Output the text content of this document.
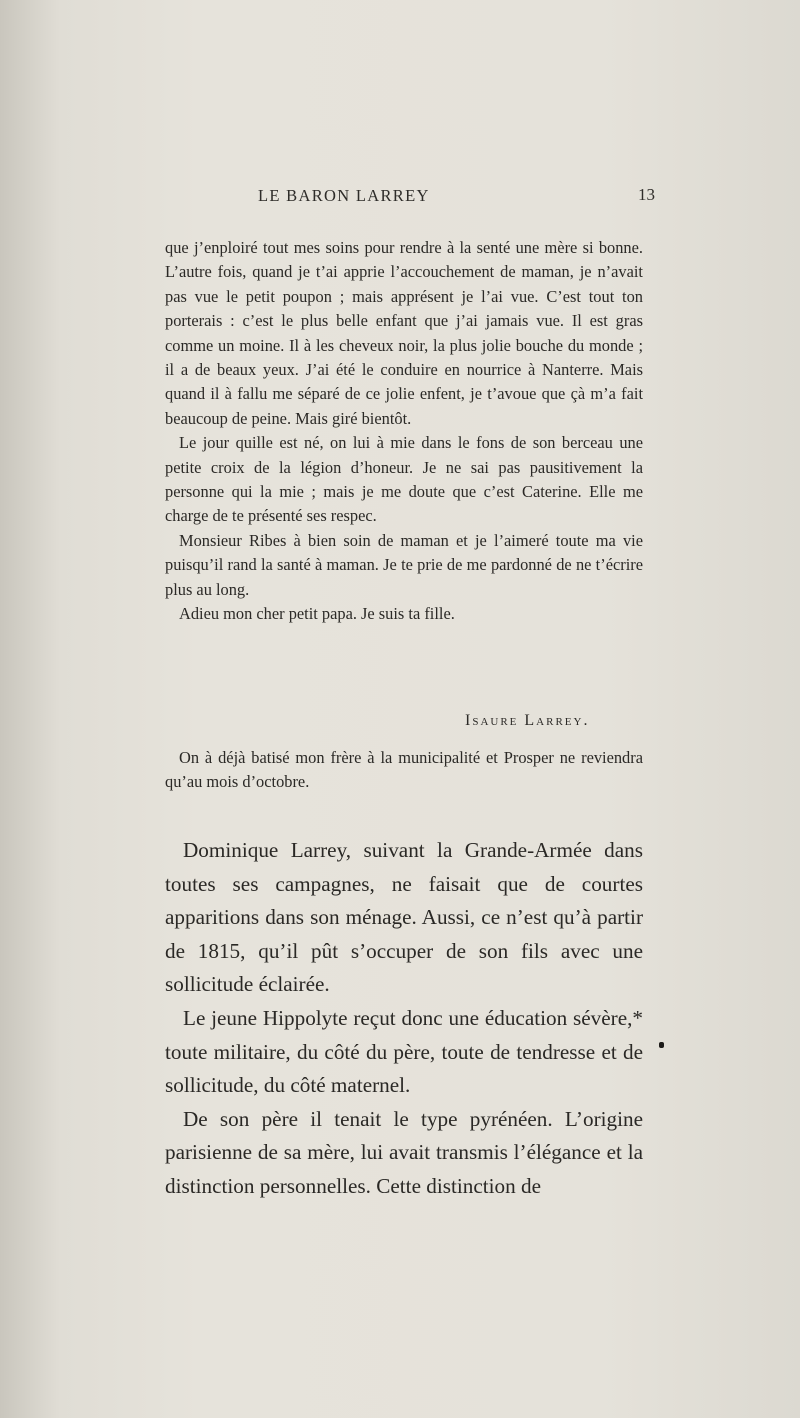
LE BARON LARREY	13

que j’enploiré tout mes soins pour rendre à la senté une mère si bonne. L’autre fois, quand je t’ai apprie l’accouchement de maman, je n’avait pas vue le petit poupon ; mais apprésent je l’ai vue. C’est tout ton porterais : c’est le plus belle enfant que j’ai jamais vue. Il est gras comme un moine. Il à les cheveux noir, la plus jolie bouche du monde ; il a de beaux yeux. J’ai été le conduire en nourrice à Nanterre. Mais quand il à fallu me séparé de ce jolie enfent, je t’avoue que çà m’a fait beaucoup de peine. Mais giré bientôt.

Le jour quille est né, on lui à mie dans le fons de son berceau une petite croix de la légion d’honeur. Je ne sai pas pausitivement la personne qui la mie ; mais je me doute que c’est Caterine. Elle me charge de te présenté ses respec.

Monsieur Ribes à bien soin de maman et je l’aimeré toute ma vie puisqu’il rand la santé à maman. Je te prie de me pardonné de ne t’écrire plus au long.

Adieu mon cher petit papa. Je suis ta fille.

Isaure Larrey.

On à déjà batisé mon frère à la municipalité et Prosper ne reviendra qu’au mois d’octobre.

Dominique Larrey, suivant la Grande-Armée dans toutes ses campagnes, ne faisait que de courtes apparitions dans son ménage. Aussi, ce n’est qu’à partir de 1815, qu’il pût s’occuper de son fils avec une sollicitude éclairée.

Le jeune Hippolyte reçut donc une éducation sévère,* toute militaire, du côté du père, toute de tendresse et de sollicitude, du côté maternel.

De son père il tenait le type pyrénéen. L’origine parisienne de sa mère, lui avait transmis l’élégance et la distinction personnelles. Cette distinction de
